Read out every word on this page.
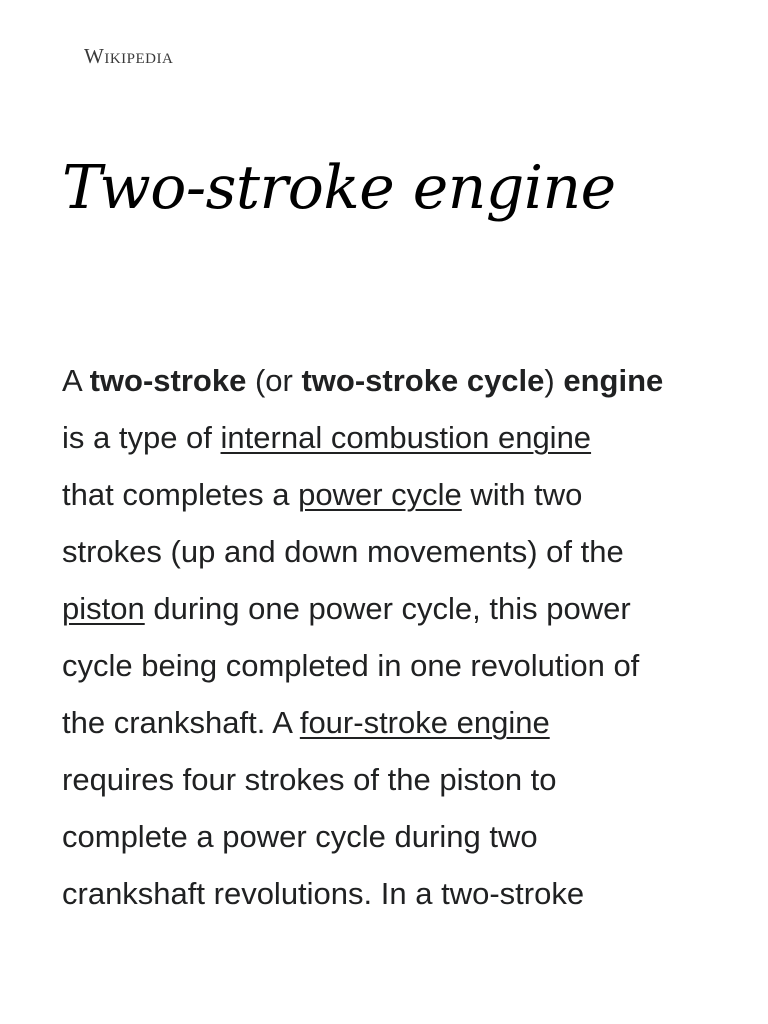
Wikipedia
Two-stroke engine

A two-stroke (or two-stroke cycle) engine
is a type of internal combustion engine
that completes a power cycle with two
strokes (up and down movements) of the
piston during one power cycle, this power
cycle being completed in one revolution of
the crankshaft. A four-stroke engine
requires four strokes of the piston to
complete a power cycle during two
crankshaft revolutions. In a two-stroke
